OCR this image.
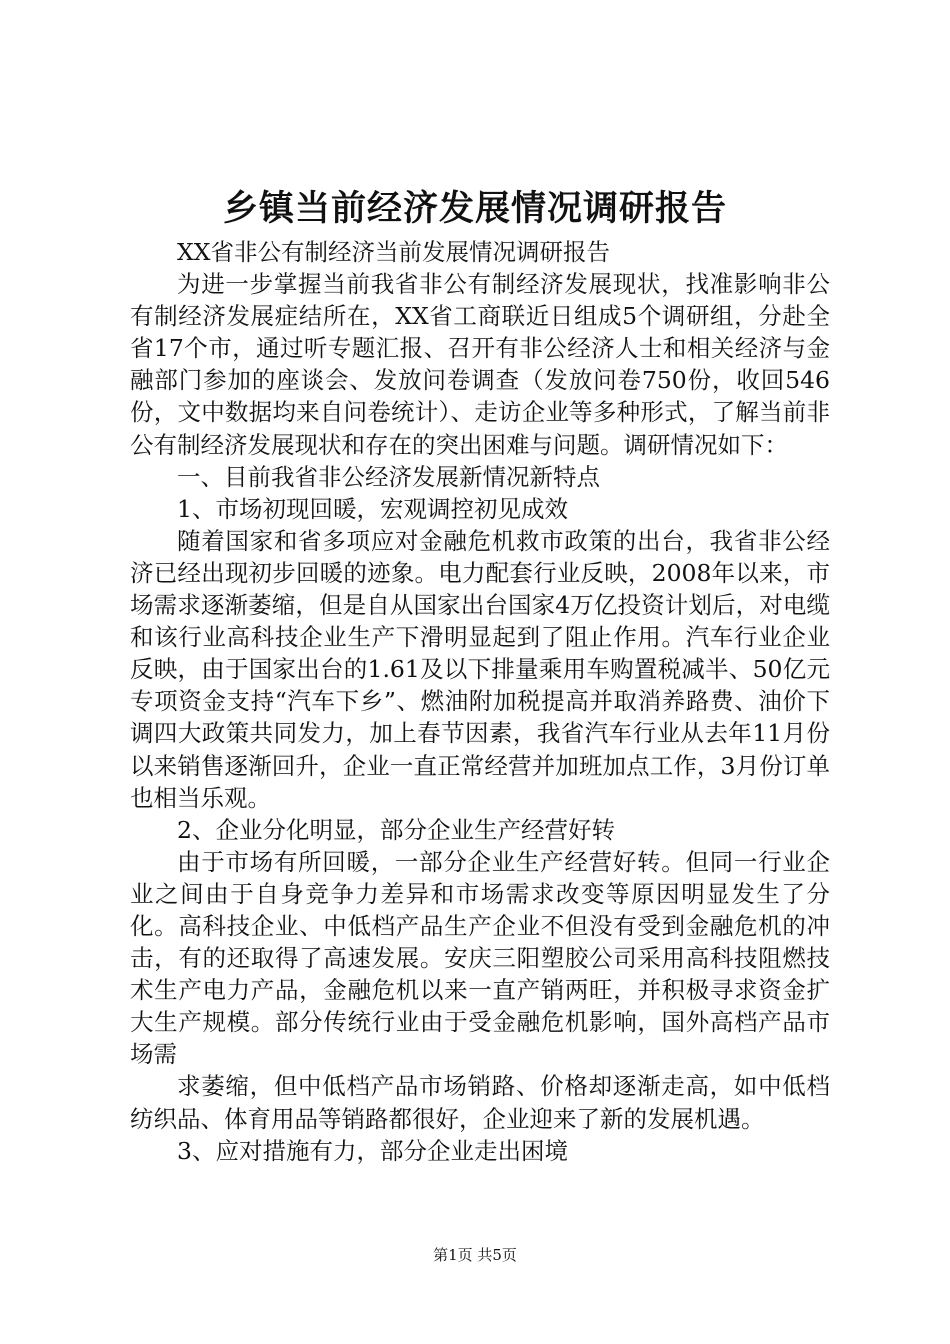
乡镇当前经济发展情况调研报告

XX省非公有制经济当前发展情况调研报告

为进一步掌握当前我省非公有制经济发展现状，找准影响非公有制经济发展症结所在，XX省工商联近日组成5个调研组，分赴全省17个市，通过听专题汇报、召开有非公经济人士和相关经济与金融部门参加的座谈会、发放问卷调查（发放问卷750份，收回546份，文中数据均来自问卷统计）、走访企业等多种形式，了解当前非公有制经济发展现状和存在的突出困难与问题。调研情况如下：

一、目前我省非公经济发展新情况新特点

1、市场初现回暖，宏观调控初见成效

随着国家和省多项应对金融危机救市政策的出台，我省非公经济已经出现初步回暖的迹象。电力配套行业反映，2008年以来，市场需求逐渐萎缩，但是自从国家出台国家4万亿投资计划后，对电缆和该行业高科技企业生产下滑明显起到了阻止作用。汽车行业企业反映，由于国家出台的1.61及以下排量乘用车购置税减半、50亿元专项资金支持“汽车下乡”、燃油附加税提高并取消养路费、油价下调四大政策共同发力，加上春节因素，我省汽车行业从去年11月份以来销售逐渐回升，企业一直正常经营并加班加点工作，3月份订单也相当乐观。

2、企业分化明显，部分企业生产经营好转

由于市场有所回暖，一部分企业生产经营好转。但同一行业企业之间由于自身竞争力差异和市场需求改变等原因明显发生了分化。高科技企业、中低档产品生产企业不但没有受到金融危机的冲击，有的还取得了高速发展。安庆三阳塑胶公司采用高科技阻燃技术生产电力产品，金融危机以来一直产销两旺，并积极寻求资金扩大生产规模。部分传统行业由于受金融危机影响，国外高档产品市场需

求萎缩，但中低档产品市场销路、价格却逐渐走高，如中低档纺织品、体育用品等销路都很好，企业迎来了新的发展机遇。

3、应对措施有力，部分企业走出困境

第1页 共5页
